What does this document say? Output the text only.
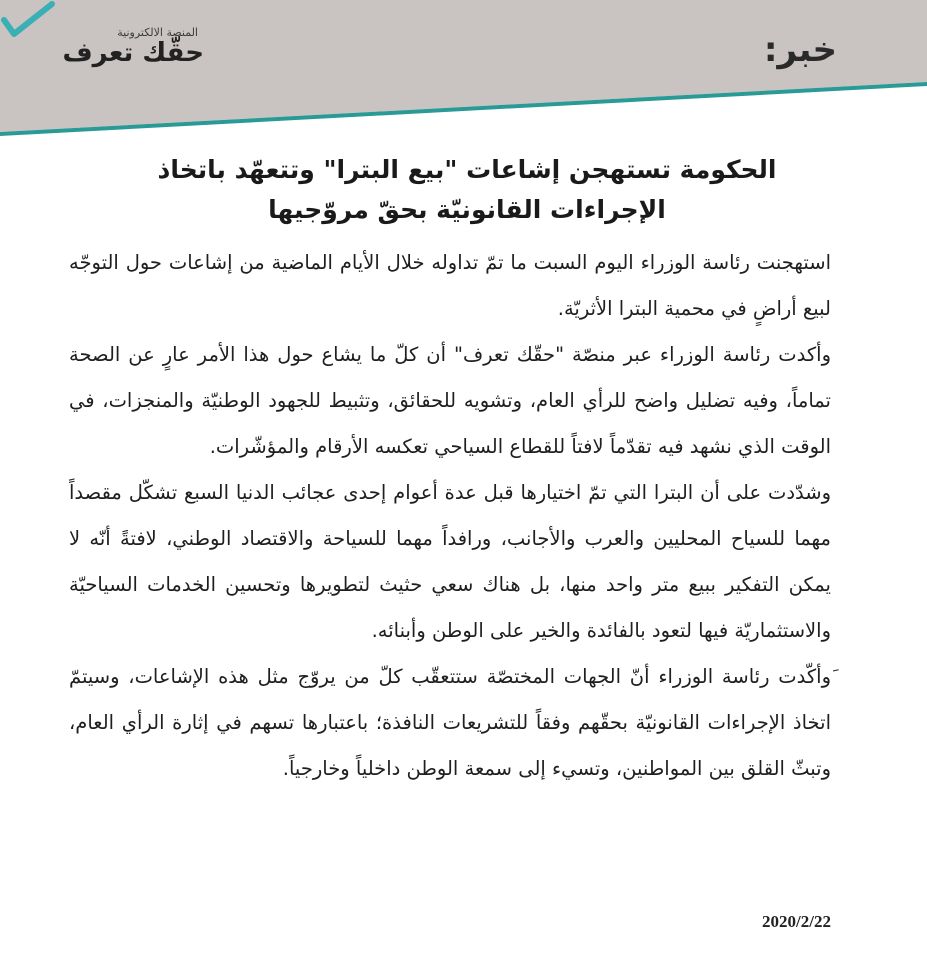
خبر:
المنصة الالكترونية
حقّك تعرف
الحكومة تستهجن إشاعات "بيع البترا" وتتعهّد باتخاذ
الإجراءات القانونيّة بحقّ مروّجيها

استهجنت رئاسة الوزراء اليوم السبت ما تمّ تداوله خلال الأيام الماضية من إشاعات حول التوجّه لبيع أراضٍ في محمية البترا الأثريّة.

وأكدت رئاسة الوزراء عبر منصّة "حقّك تعرف" أن كلّ ما يشاع حول هذا الأمر عارٍ عن الصحة تماماً، وفيه تضليل واضح للرأي العام، وتشويه للحقائق، وتثبيط للجهود الوطنيّة والمنجزات، في الوقت الذي نشهد فيه تقدّماً لافتاً للقطاع السياحي تعكسه الأرقام والمؤشّرات.

وشدّدت على أن البترا التي تمّ اختيارها قبل عدة أعوام إحدى عجائب الدنيا السبع تشكّل مقصداً مهما للسياح المحليين والعرب والأجانب، ورافداً مهما للسياحة والاقتصاد الوطني، لافتةً أنّه لا يمكن التفكير ببيع متر واحد منها، بل هناك سعي حثيث لتطويرها وتحسين الخدمات السياحيّة والاستثماريّة فيها لتعود بالفائدة والخير على الوطن وأبنائه.

َوأكّدت رئاسة الوزراء أنّ الجهات المختصّة ستتعقّب كلّ من يروّج مثل هذه الإشاعات، وسيتمّ اتخاذ الإجراءات القانونيّة بحقّهم وفقاً للتشريعات النافذة؛ باعتبارها تسهم في إثارة الرأي العام، وتبثّ القلق بين المواطنين، وتسيء إلى سمعة الوطن داخلياً وخارجياً.

2020/2/22
